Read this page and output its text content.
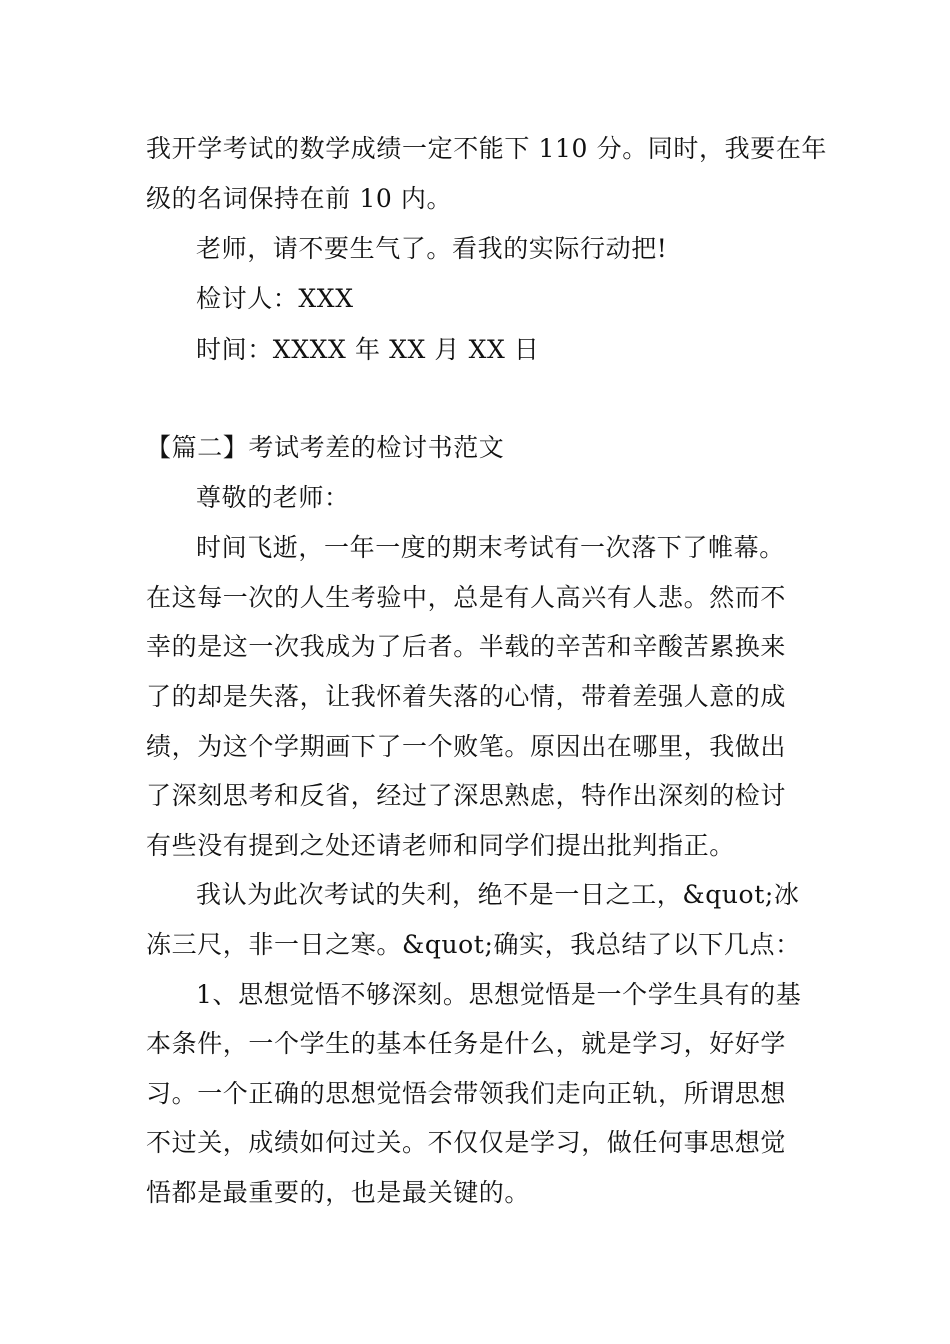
我开学考试的数学成绩一定不能下 110 分。同时，我要在年
级的名词保持在前 10 内。
老师，请不要生气了。看我的实际行动把!
检讨人：XXX
时间：XXXX 年 XX 月 XX 日
【篇二】考试考差的检讨书范文
尊敬的老师：
时间飞逝，一年一度的期末考试有一次落下了帷幕。
在这每一次的人生考验中，总是有人高兴有人悲。然而不
幸的是这一次我成为了后者。半载的辛苦和辛酸苦累换来
了的却是失落，让我怀着失落的心情，带着差强人意的成
绩，为这个学期画下了一个败笔。原因出在哪里，我做出
了深刻思考和反省，经过了深思熟虑，特作出深刻的检讨
有些没有提到之处还请老师和同学们提出批判指正。
我认为此次考试的失利，绝不是一日之工，&quot;冰
冻三尺，非一日之寒。&quot;确实，我总结了以下几点：
1、思想觉悟不够深刻。思想觉悟是一个学生具有的基
本条件，一个学生的基本任务是什么，就是学习，好好学
习。一个正确的思想觉悟会带领我们走向正轨，所谓思想
不过关，成绩如何过关。不仅仅是学习，做任何事思想觉
悟都是最重要的，也是最关键的。
